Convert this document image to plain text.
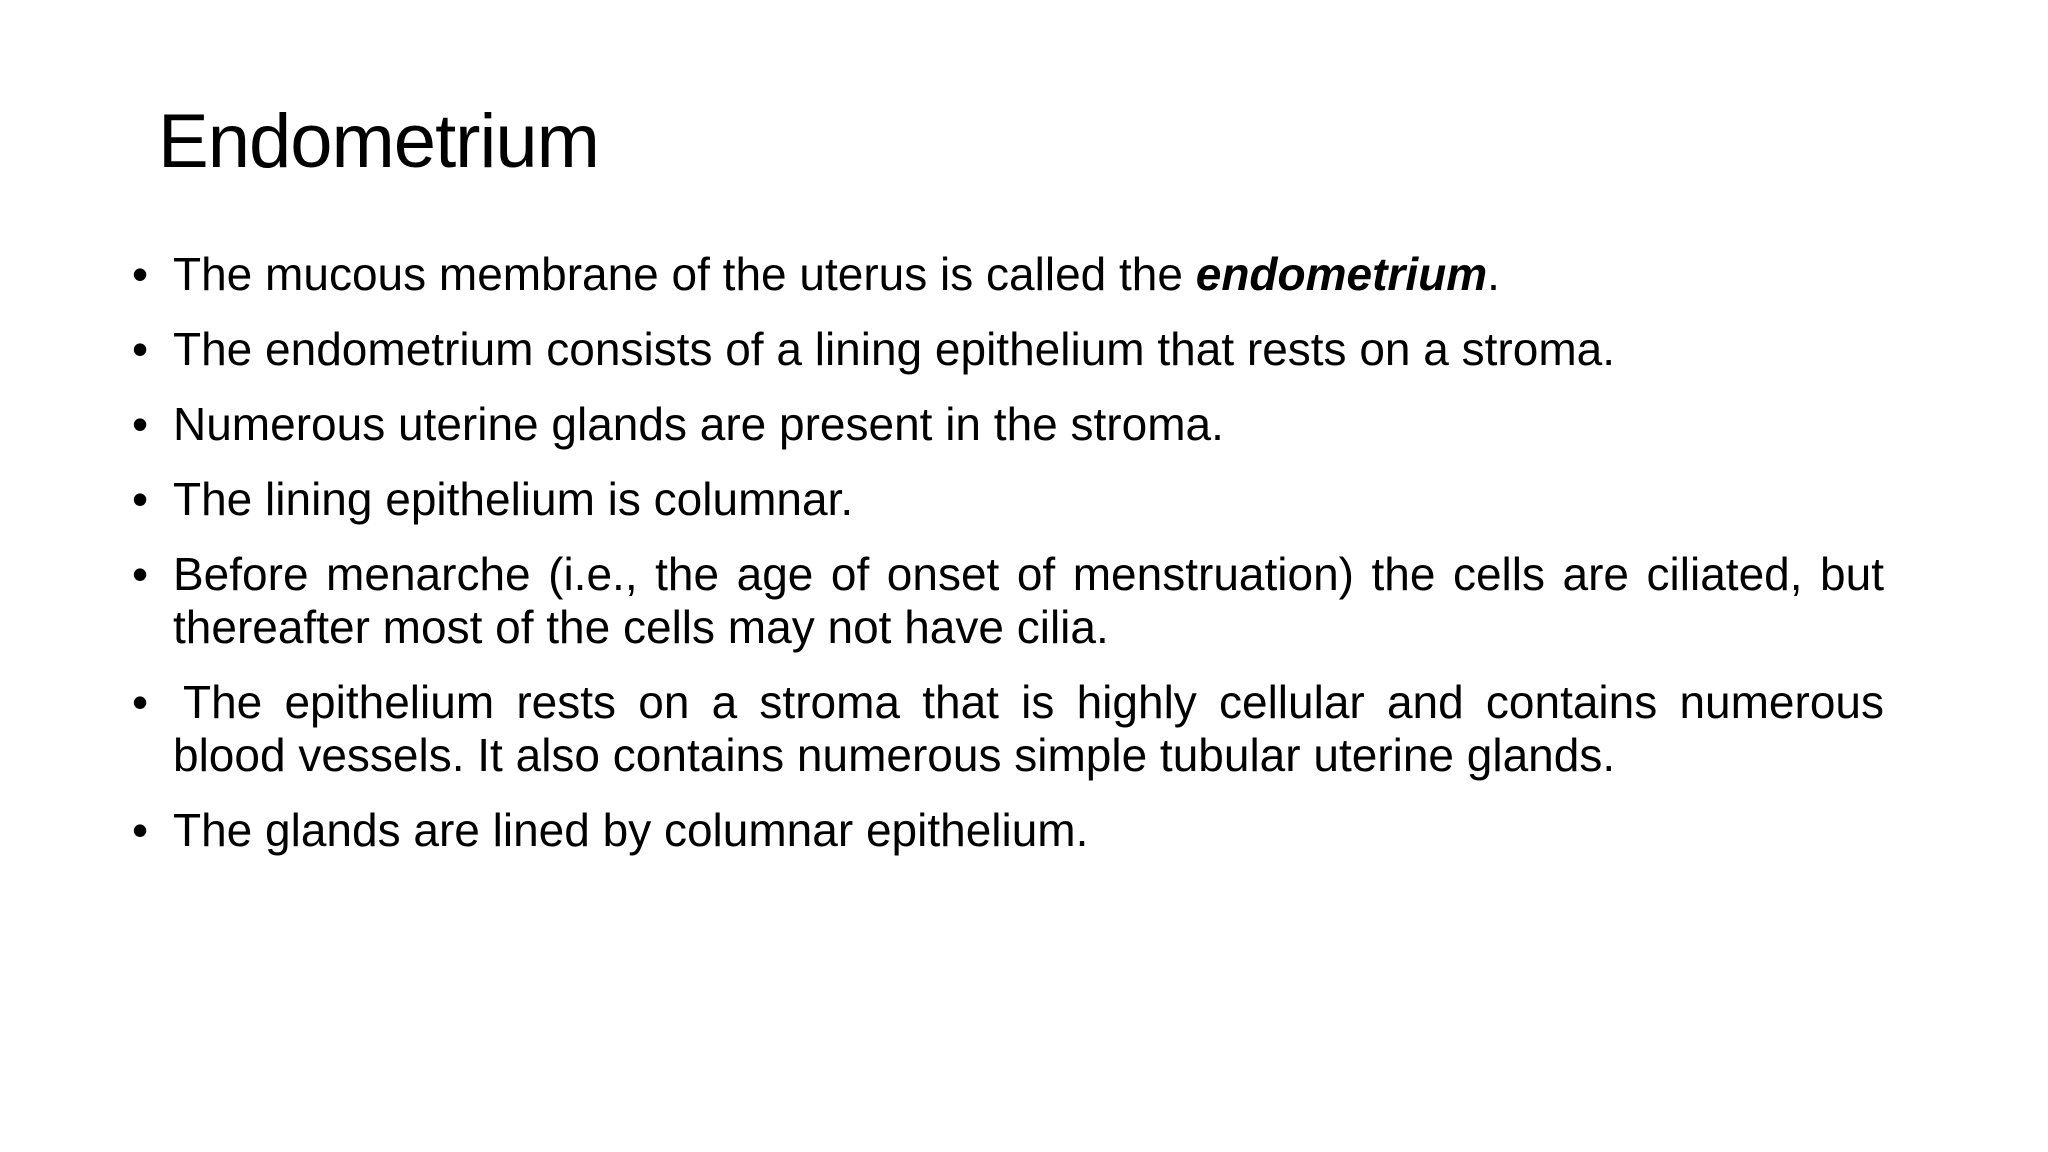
Endometrium
• The mucous membrane of the uterus is called the endometrium.
• The endometrium consists of a lining epithelium that rests on a stroma.
• Numerous uterine glands are present in the stroma.
• The lining epithelium is columnar.
• Before menarche (i.e., the age of onset of menstruation) the cells are ciliated, but thereafter most of the cells may not have cilia.
• The epithelium rests on a stroma that is highly cellular and contains numerous blood vessels. It also contains numerous simple tubular uterine glands.
• The glands are lined by columnar epithelium.
